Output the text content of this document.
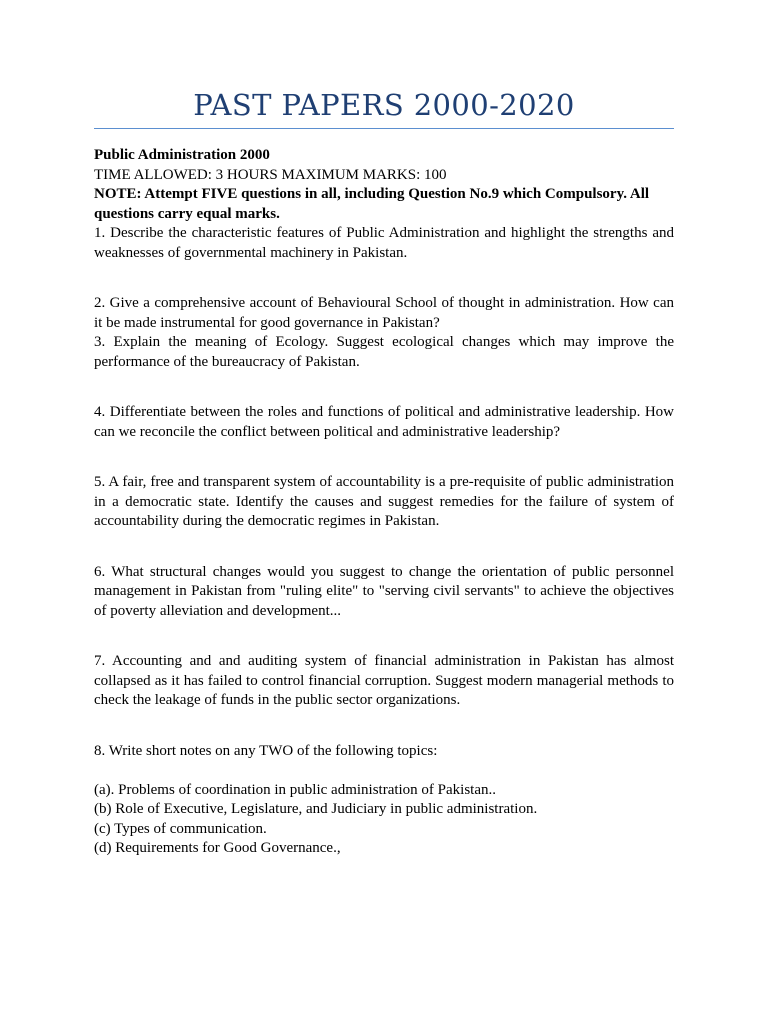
PAST PAPERS 2000-2020
Public Administration 2000
TIME ALLOWED: 3 HOURS MAXIMUM MARKS: 100
NOTE: Attempt FIVE questions in all, including Question No.9 which Compulsory. All questions carry equal marks.
1. Describe the characteristic features of Public Administration and highlight the strengths and weaknesses of governmental machinery in Pakistan.
2. Give a comprehensive account of Behavioural School of thought in administration. How can it be made instrumental for good governance in Pakistan?
3. Explain the meaning of Ecology. Suggest ecological changes which may improve the performance of the bureaucracy of Pakistan.
4. Differentiate between the roles and functions of political and administrative leadership. How can we reconcile the conflict between political and administrative leadership?
5. A fair, free and transparent system of accountability is a pre-requisite of public administration in a democratic state. Identify the causes and suggest remedies for the failure of system of accountability during the democratic regimes in Pakistan.
6. What structural changes would you suggest to change the orientation of public personnel management in Pakistan from "ruling elite" to "serving civil servants" to achieve the objectives of poverty alleviation and development...
7. Accounting and and auditing system of financial administration in Pakistan has almost collapsed as it has failed to control financial corruption. Suggest modern managerial methods to check the leakage of funds in the public sector organizations.
8. Write short notes on any TWO of the following topics:
(a). Problems of coordination in public administration of Pakistan..
(b) Role of Executive, Legislature, and Judiciary in public administration.
(c) Types of communication.
(d) Requirements for Good Governance.,
